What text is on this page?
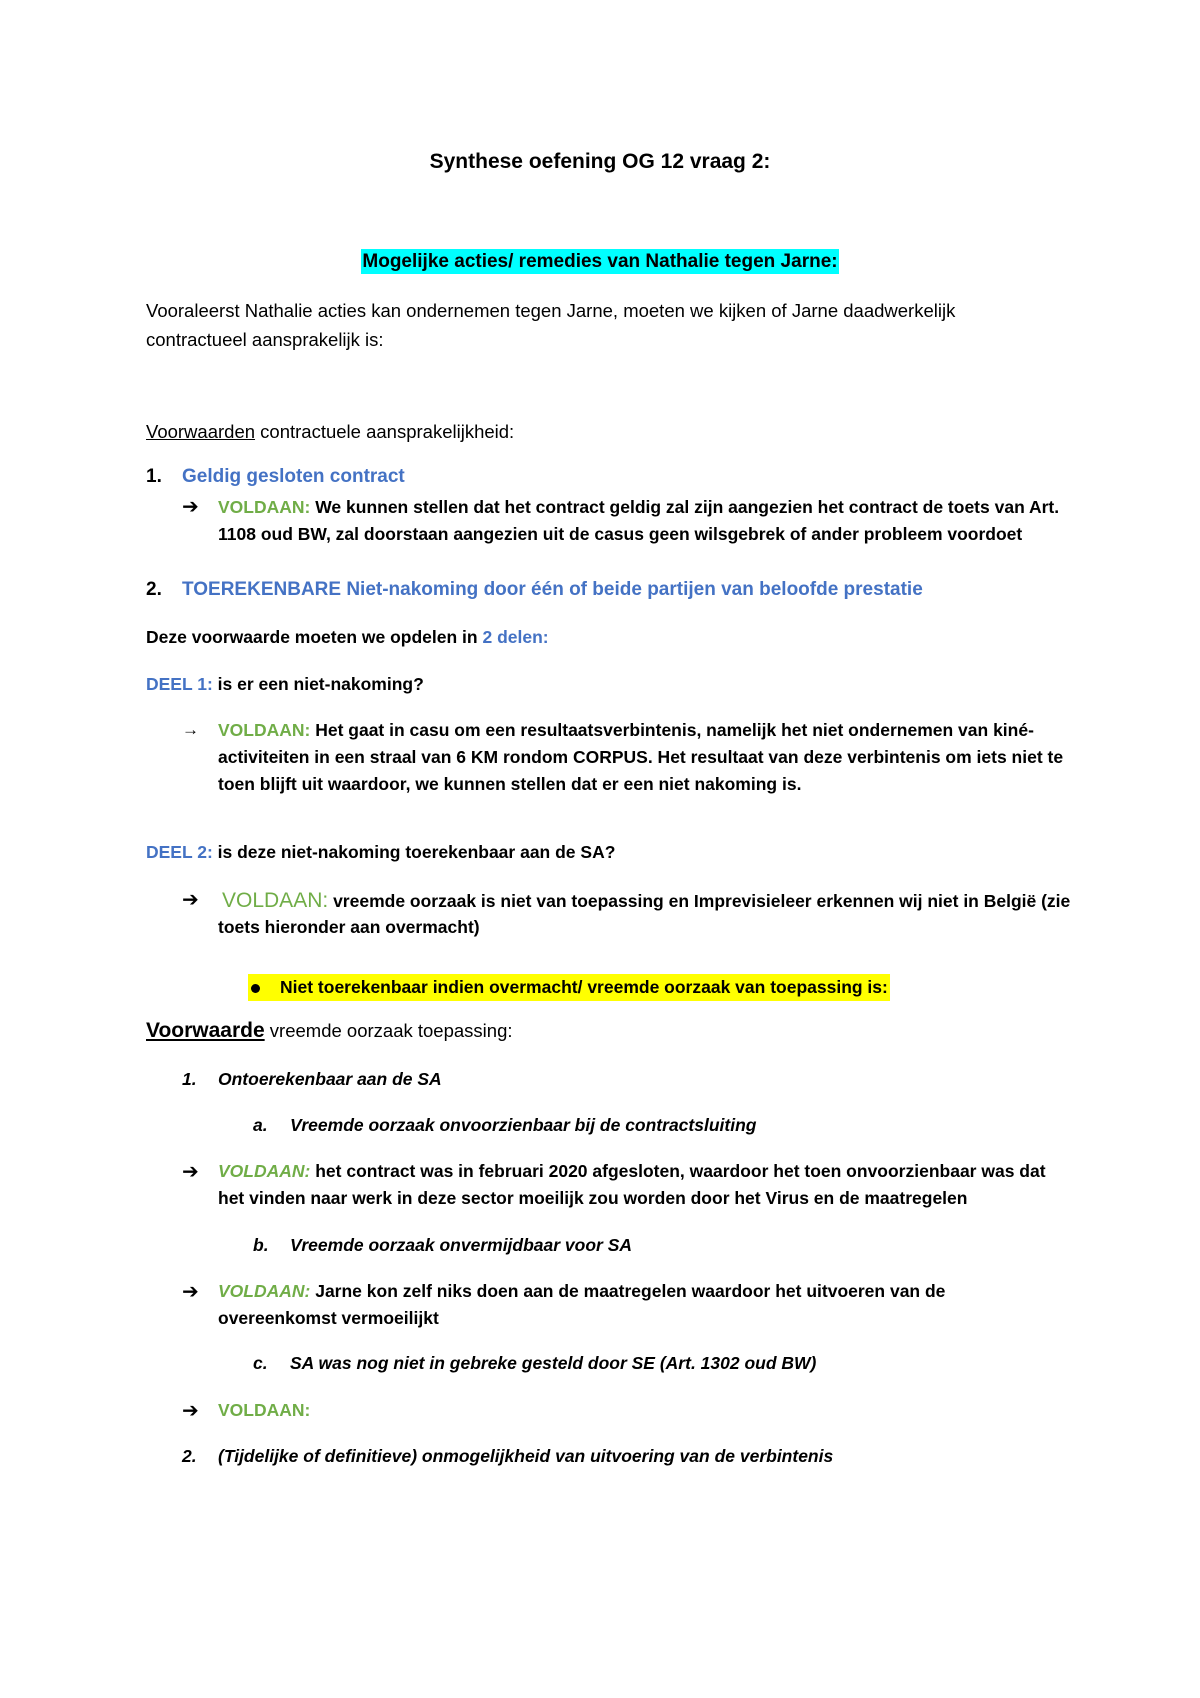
Synthese oefening OG 12 vraag 2:
Mogelijke acties/ remedies van Nathalie tegen Jarne:
Vooraleerst Nathalie acties kan ondernemen tegen Jarne, moeten we kijken of Jarne daadwerkelijk
contractueel aansprakelijk is:
Voorwaarden contractuele aansprakelijkheid:
1. Geldig gesloten contract
➔ VOLDAAN: We kunnen stellen dat het contract geldig zal zijn aangezien het contract de toets van Art.
1108 oud BW, zal doorstaan aangezien uit de casus geen wilsgebrek of ander probleem voordoet
2. TOEREKENBARE Niet-nakoming door één of beide partijen van beloofde prestatie
Deze voorwaarde moeten we opdelen in 2 delen:
DEEL 1: is er een niet-nakoming?
→ VOLDAAN: Het gaat in casu om een resultaatsverbintenis, namelijk het niet ondernemen van kiné-
activiteiten in een straal van 6 KM rondom CORPUS. Het resultaat van deze verbintenis om iets niet te
toen blijft uit waardoor, we kunnen stellen dat er een niet nakoming is.
DEEL 2: is deze niet-nakoming toerekenbaar aan de SA?
➔ VOLDAAN: vreemde oorzaak is niet van toepassing en Imprevisieleer erkennen wij niet in België (zie
toets hieronder aan overmacht)
Niet toerekenbaar indien overmacht/ vreemde oorzaak van toepassing is:
Voorwaarde vreemde oorzaak toepassing:
1. Ontoerekenbaar aan de SA
a. Vreemde oorzaak onvoorzienbaar bij de contractsluiting
➔ VOLDAAN: het contract was in februari 2020 afgesloten, waardoor het toen onvoorzienbaar was dat
het vinden naar werk in deze sector moeilijk zou worden door het Virus en de maatregelen
b. Vreemde oorzaak onvermijdbaar voor SA
➔ VOLDAAN: Jarne kon zelf niks doen aan de maatregelen waardoor het uitvoeren van de
overeenkomst vermoeilijkt
c. SA was nog niet in gebreke gesteld door SE (Art. 1302 oud BW)
➔ VOLDAAN:
2. (Tijdelijke of definitieve) onmogelijkheid van uitvoering van de verbintenis
